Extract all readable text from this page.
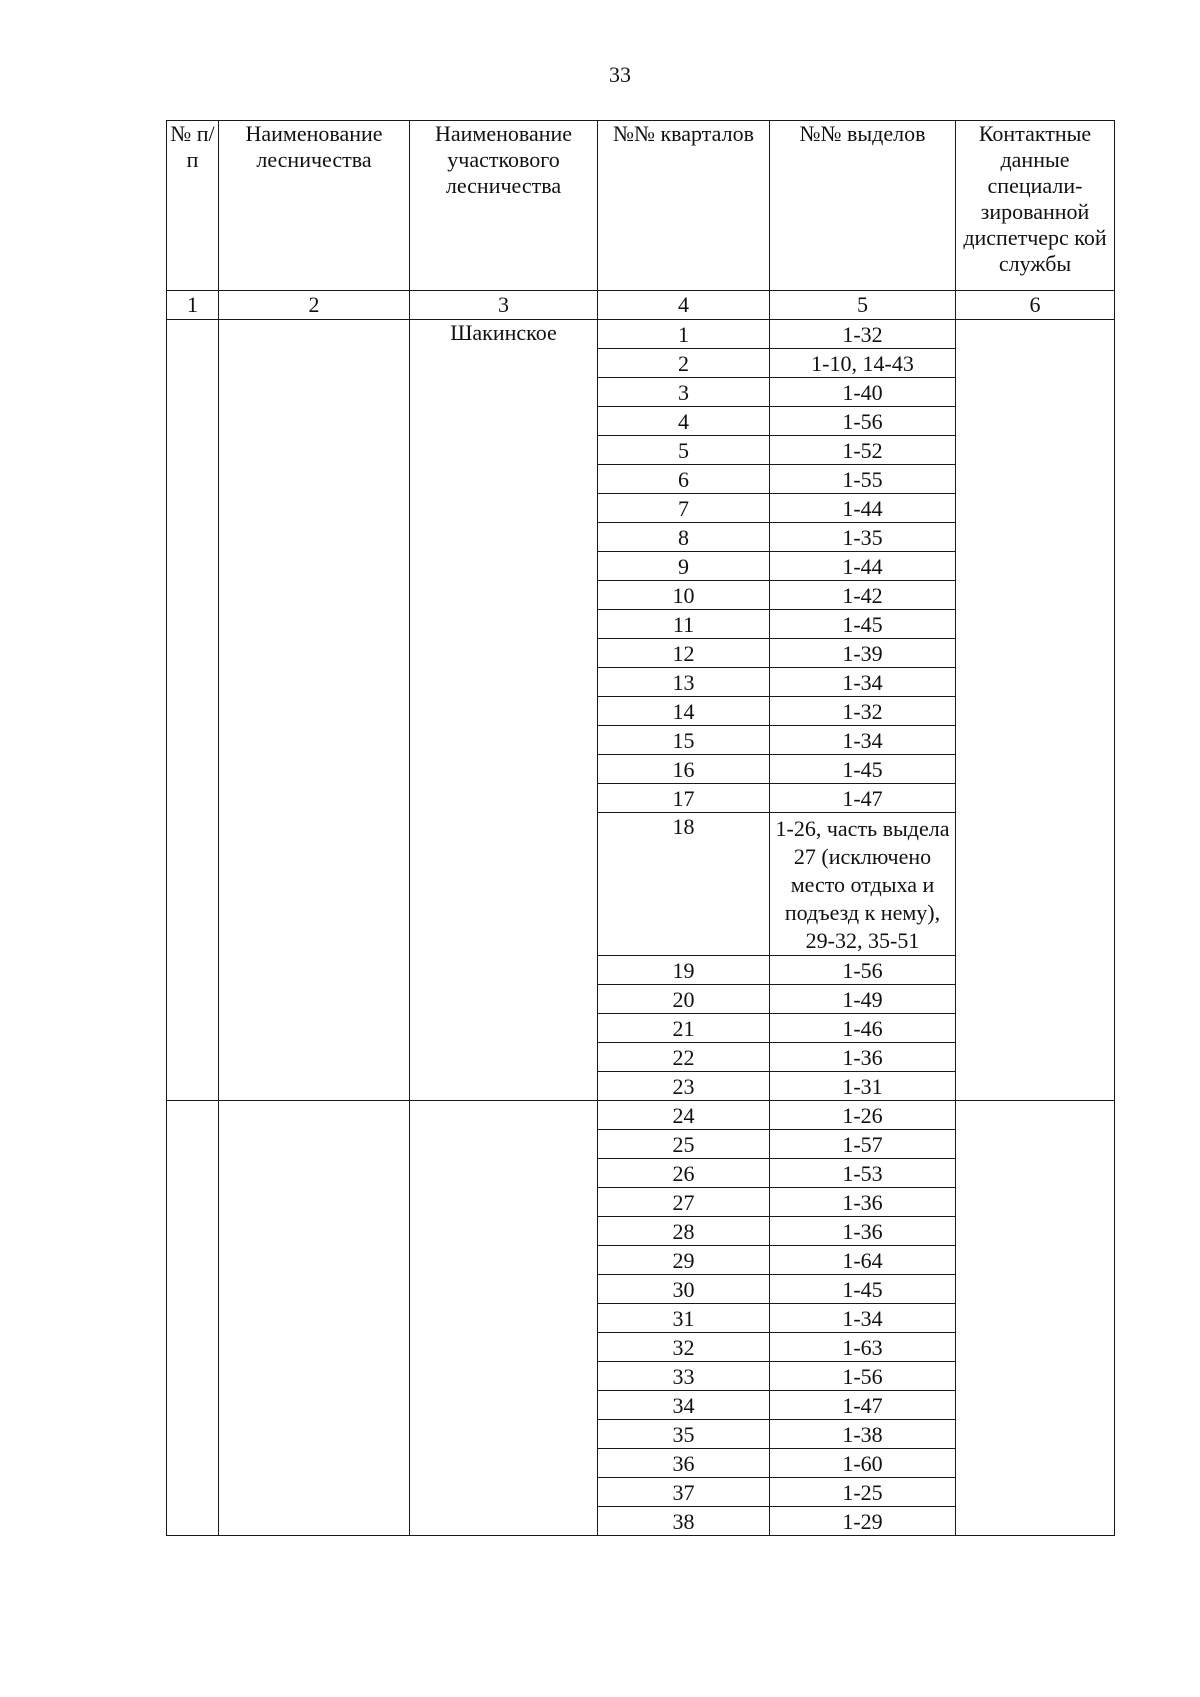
33
№ п/п	Наименование лесничества	Наименование участкового лесничества	№№ кварталов	№№ выделов	Контактные данные специали-зированной диспетчерс кой службы
1	2	3	4	5	6
		Шакинское	1	1-32	
			2	1-10, 14-43	
			3	1-40	
			4	1-56	
			5	1-52	
			6	1-55	
			7	1-44	
			8	1-35	
			9	1-44	
			10	1-42	
			11	1-45	
			12	1-39	
			13	1-34	
			14	1-32	
			15	1-34	
			16	1-45	
			17	1-47	
			18	1-26, часть выдела 27 (исключено место отдыха и подъезд к нему), 29-32, 35-51	
			19	1-56	
			20	1-49	
			21	1-46	
			22	1-36	
			23	1-31	
			24	1-26	
			25	1-57	
			26	1-53	
			27	1-36	
			28	1-36	
			29	1-64	
			30	1-45	
			31	1-34	
			32	1-63	
			33	1-56	
			34	1-47	
			35	1-38	
			36	1-60	
			37	1-25	
			38	1-29	
